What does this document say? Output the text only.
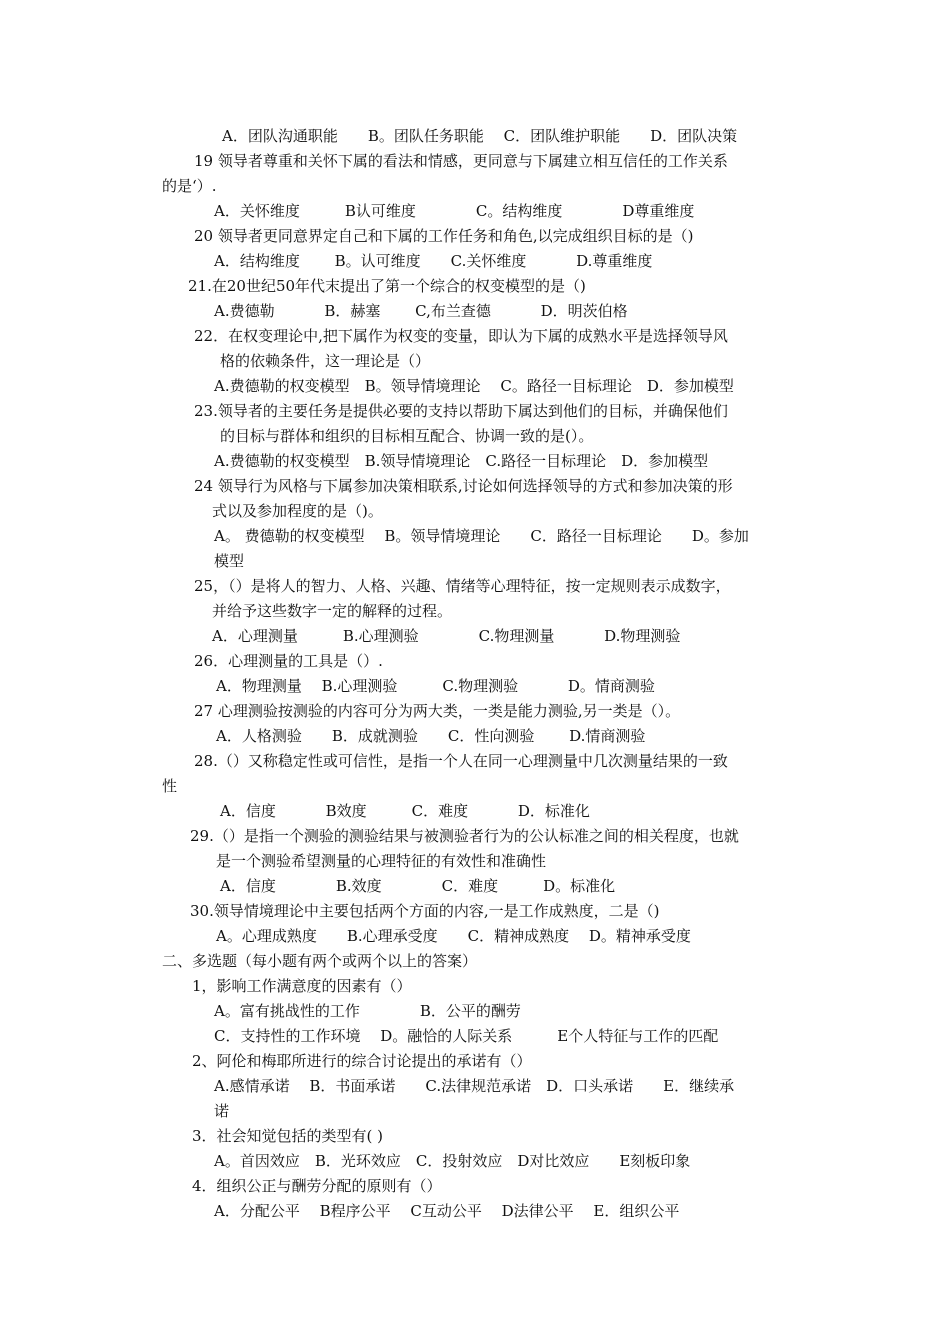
A．团队沟通职能　　B。团队任务职能　 C．团队维护职能　　D．团队决策
19 领导者尊重和关怀下属的看法和情感，更同意与下属建立相互信任的工作关系
的是‘）.
A．关怀维度　　　B认可维度　　　　C。结构维度　　　　D尊重维度
20 领导者更同意界定自己和下属的工作任务和角色,以完成组织目标的是（)
A．结构维度　　 B。认可维度　　C.关怀维度　　　 D.尊重维度
21.在20世纪50年代末提出了第一个综合的权变模型的是（)
A.费德勒　　　 B．赫塞　　 C,布兰查德　　　 D．明茨伯格
22．在权变理论中,把下属作为权变的变量，即认为下属的成熟水平是选择领导风
格的依赖条件，这一理论是（）
A.费德勒的权变模型　B。领导情境理论　 C。路径一目标理论　D．参加模型
23.领导者的主要任务是提供必要的支持以帮助下属达到他们的目标，并确保他们
的目标与群体和组织的目标相互配合、协调一致的是(）。
A.费德勒的权变模型　B.领导情境理论　C.路径一目标理论　D．参加模型
24 领导行为风格与下属参加决策相联系,讨论如何选择领导的方式和参加决策的形
式以及参加程度的是（)。
A。 费德勒的权变模型　 B。领导情境理论　　C．路径一目标理论　　D。参加
模型
25，（）是将人的智力、人格、兴趣、情绪等心理特征，按一定规则表示成数字，
并给予这些数字一定的解释的过程。
A．心理测量　　　B.心理测验　　　　C.物理测量　　　 D.物理测验
26．心理测量的工具是（）.
A．物理测量　 B.心理测验　　　C.物理测验　　　 D。情商测验
27 心理测验按测验的内容可分为两大类，一类是能力测验,另一类是（）。
A．人格测验　　B．成就测验　　C．性向测验　　 D.情商测验
28.（）又称稳定性或可信性，是指一个人在同一心理测量中几次测量结果的一致
性
A．信度　　　 B效度　　　C．难度　　　 D．标准化
29.（）是指一个测验的测验结果与被测验者行为的公认标准之间的相关程度，也就
是一个测验希望测量的心理特征的有效性和准确性
A．信度　　　　B.效度　　　　C．难度　　　D。标准化
30.领导情境理论中主要包括两个方面的内容,一是工作成熟度，二是（)
A。心理成熟度　　B.心理承受度　　C．精神成熟度　 D。精神承受度
二、多选题（每小题有两个或两个以上的答案）
1，影响工作满意度的因素有（）
A。富有挑战性的工作　　　　B．公平的酬劳
C．支持性的工作环境　 D。融恰的人际关系　　　E个人特征与工作的匹配
2、阿伦和梅耶所进行的综合讨论提出的承诺有（）
A.感情承诺　 B．书面承诺　　C.法律规范承诺　D．口头承诺　　E．继续承
诺
3．社会知觉包括的类型有( )
A。首因效应　B．光环效应　C．投射效应　D对比效应　　E刻板印象
4．组织公正与酬劳分配的原则有（）
A．分配公平　 B程序公平　 C互动公平　 D法律公平　 E．组织公平
